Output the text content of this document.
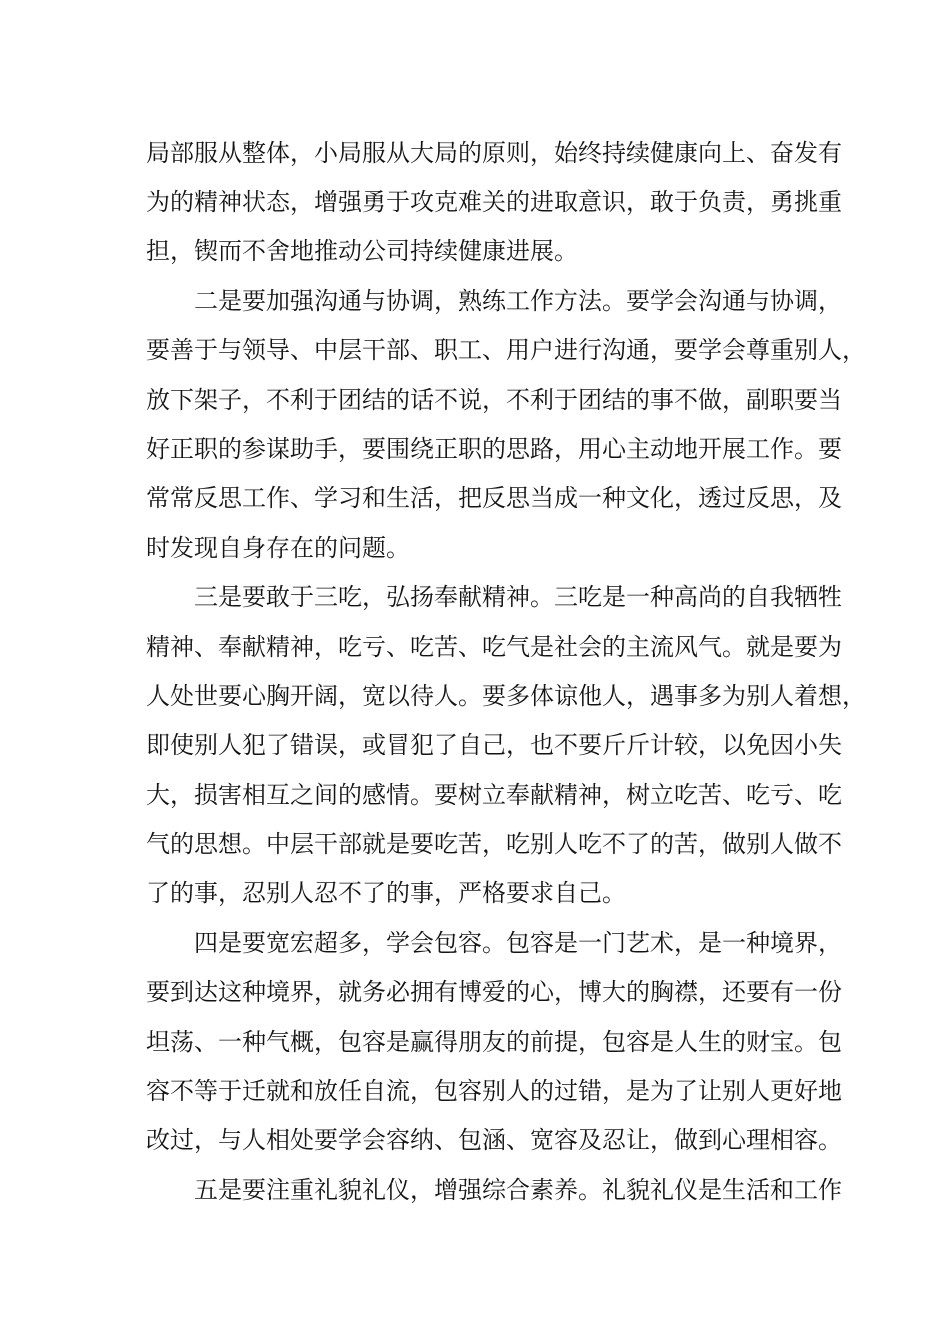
局部服从整体，小局服从大局的原则，始终持续健康向上、奋发有
为的精神状态，增强勇于攻克难关的进取意识，敢于负责，勇挑重
担，锲而不舍地推动公司持续健康进展。
二是要加强沟通与协调，熟练工作方法。要学会沟通与协调，
要善于与领导、中层干部、职工、用户进行沟通，要学会尊重别人，
放下架子，不利于团结的话不说，不利于团结的事不做，副职要当
好正职的参谋助手，要围绕正职的思路，用心主动地开展工作。要
常常反思工作、学习和生活，把反思当成一种文化，透过反思，及
时发现自身存在的问题。
三是要敢于三吃，弘扬奉献精神。三吃是一种高尚的自我牺牲
精神、奉献精神，吃亏、吃苦、吃气是社会的主流风气。就是要为
人处世要心胸开阔，宽以待人。要多体谅他人，遇事多为别人着想，
即使别人犯了错误，或冒犯了自己，也不要斤斤计较，以免因小失
大，损害相互之间的感情。要树立奉献精神，树立吃苦、吃亏、吃
气的思想。中层干部就是要吃苦，吃别人吃不了的苦，做别人做不
了的事，忍别人忍不了的事，严格要求自己。
四是要宽宏超多，学会包容。包容是一门艺术，是一种境界，
要到达这种境界，就务必拥有博爱的心，博大的胸襟，还要有一份
坦荡、一种气概，包容是赢得朋友的前提，包容是人生的财宝。包
容不等于迁就和放任自流，包容别人的过错，是为了让别人更好地
改过，与人相处要学会容纳、包涵、宽容及忍让，做到心理相容。
五是要注重礼貌礼仪，增强综合素养。礼貌礼仪是生活和工作
